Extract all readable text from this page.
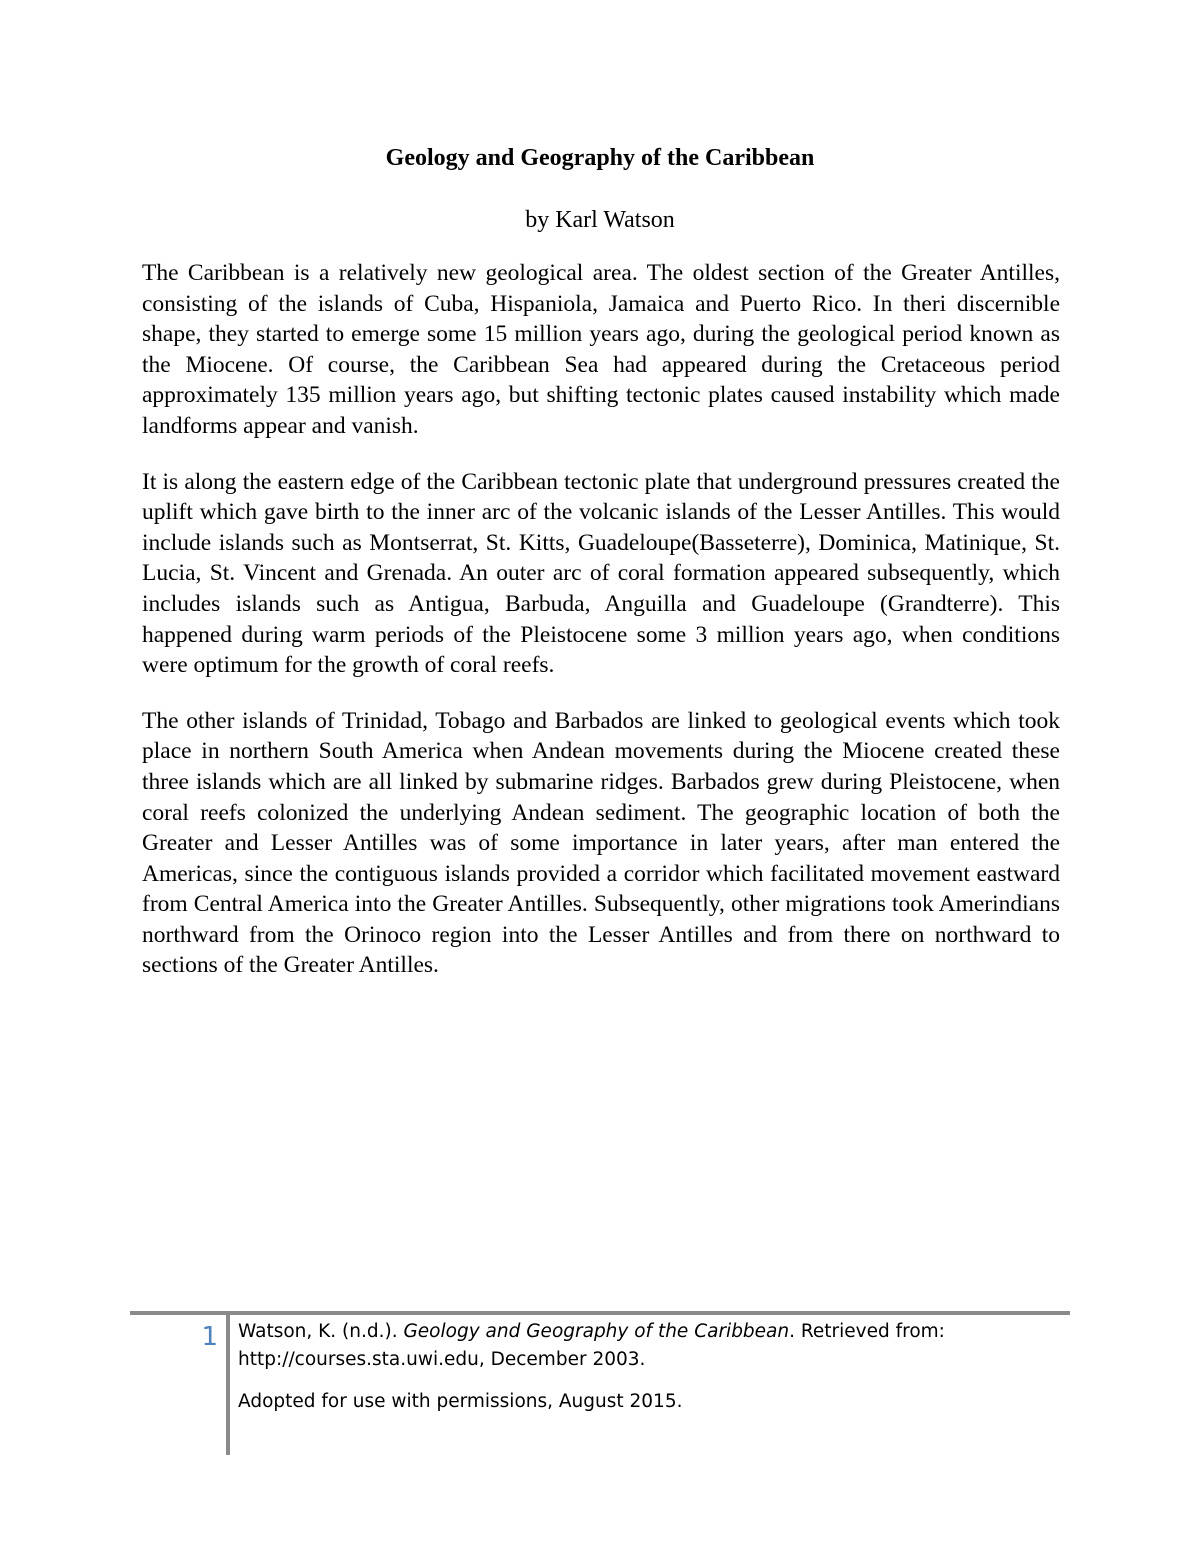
Geology and Geography of the Caribbean
by Karl Watson

The Caribbean is a relatively new geological area. The oldest section of the Greater Antilles, consisting of the islands of Cuba, Hispaniola, Jamaica and Puerto Rico. In theri discernible shape, they started to emerge some 15 million years ago, during the geological period known as the Miocene. Of course, the Caribbean Sea had appeared during the Cretaceous period approximately 135 million years ago, but shifting tectonic plates caused instability which made landforms appear and vanish.

It is along the eastern edge of the Caribbean tectonic plate that underground pressures created the uplift which gave birth to the inner arc of the volcanic islands of the Lesser Antilles. This would include islands such as Montserrat, St. Kitts, Guadeloupe(Basseterre), Dominica, Matinique, St. Lucia, St. Vincent and Grenada. An outer arc of coral formation appeared subsequently, which includes islands such as Antigua, Barbuda, Anguilla and Guadeloupe (Grandterre). This happened during warm periods of the Pleistocene some 3 million years ago, when conditions were optimum for the growth of coral reefs.

The other islands of Trinidad, Tobago and Barbados are linked to geological events which took place in northern South America when Andean movements during the Miocene created these three islands which are all linked by submarine ridges. Barbados grew during Pleistocene, when coral reefs colonized the underlying Andean sediment. The geographic location of both the Greater and Lesser Antilles was of some importance in later years, after man entered the Americas, since the contiguous islands provided a corridor which facilitated movement eastward from Central America into the Greater Antilles. Subsequently, other migrations took Amerindians northward from the Orinoco region into the Lesser Antilles and from there on northward to sections of the Greater Antilles.

1 Watson, K. (n.d.). Geology and Geography of the Caribbean. Retrieved from: http://courses.sta.uwi.edu, December 2003.

Adopted for use with permissions, August 2015.
